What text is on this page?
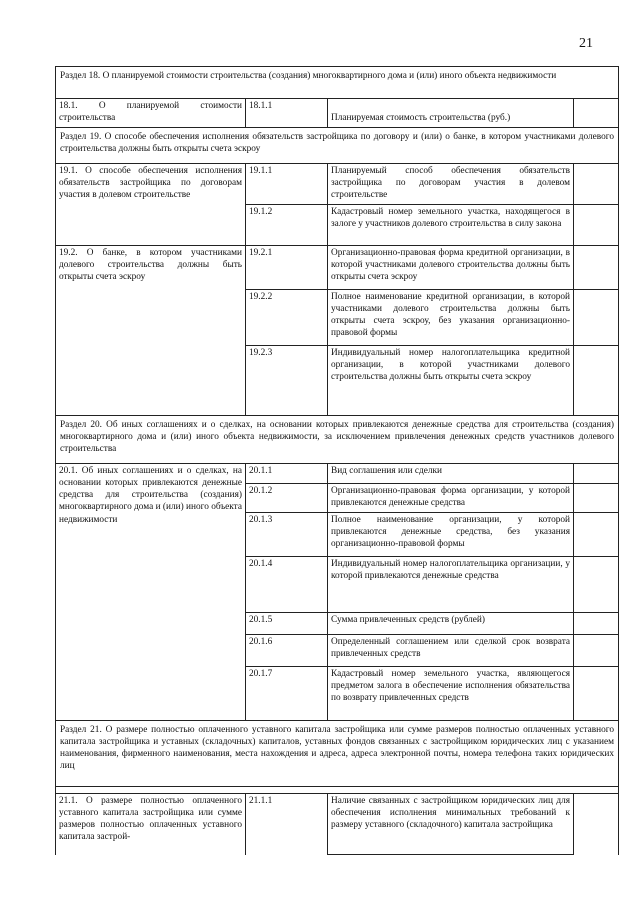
21
Раздел 18. О планируемой стоимости строительства (создания) многоквартирного дома и (или) иного объекта недвижимости			
18.1. О планируемой стоимости строительства	18.1.1	Планируемая стоимость строительства (руб.)	
Раздел 19. О способе обеспечения исполнения обязательств застройщика по договору и (или) о банке, в котором участниками долевого строительства должны быть открыты счета эскроу			
19.1. О способе обеспечения исполнения обязательств застройщика по договорам участия в долевом строительстве	19.1.1	Планируемый способ обеспечения обязательств застройщика по договорам участия в долевом строительстве	
	19.1.2	Кадастровый номер земельного участка, находящегося в залоге у участников долевого строительства в силу закона	
19.2. О банке, в котором участниками долевого строительства должны быть открыты счета эскроу	19.2.1	Организационно-правовая форма кредитной организации, в которой участниками долевого строительства должны быть открыты счета эскроу	
	19.2.2	Полное наименование кредитной организации, в которой участниками долевого строительства должны быть открыты счета эскроу, без указания организационно-правовой формы	
	19.2.3	Индивидуальный номер налогоплательщика кредитной организации, в которой участниками долевого строительства должны быть открыты счета эскроу	
Раздел 20. Об иных соглашениях и о сделках, на основании которых привлекаются денежные средства для строительства (создания) многоквартирного дома и (или) иного объекта недвижимости, за исключением привлечения денежных средств участников долевого строительства			
20.1. Об иных соглашениях и о сделках, на основании которых привлекаются денежные средства для строительства (создания) многоквартирного дома и (или) иного объекта недвижимости	20.1.1	Вид соглашения или сделки	
	20.1.2	Организационно-правовая форма организации, у которой привлекаются денежные средства	
	20.1.3	Полное наименование организации, у которой привлекаются денежные средства, без указания организационно-правовой формы	
	20.1.4	Индивидуальный номер налогоплательщика организации, у которой привлекаются денежные средства	
	20.1.5	Сумма привлеченных средств (рублей)	
	20.1.6	Определенный соглашением или сделкой срок возврата привлеченных средств	
	20.1.7	Кадастровый номер земельного участка, являющегося предметом залога в обеспечение исполнения обязательства по возврату привлеченных средств	
Раздел 21. О размере полностью оплаченного уставного капитала застройщика или сумме размеров полностью оплаченных уставного капитала застройщика и уставных (складочных) капиталов, уставных фондов связанных с застройщиком юридических лиц с указанием наименования, фирменного наименования, места нахождения и адреса, адреса электронной почты, номера телефона таких юридических лиц			

21.1. О размере полностью оплаченного уставного капитала застройщика или сумме размеров полностью оплаченных уставного капитала застрой-	21.1.1	Наличие связанных с застройщиком юридических лиц для обеспечения исполнения минимальных требований к размеру уставного (складочного) капитала застройщика	
